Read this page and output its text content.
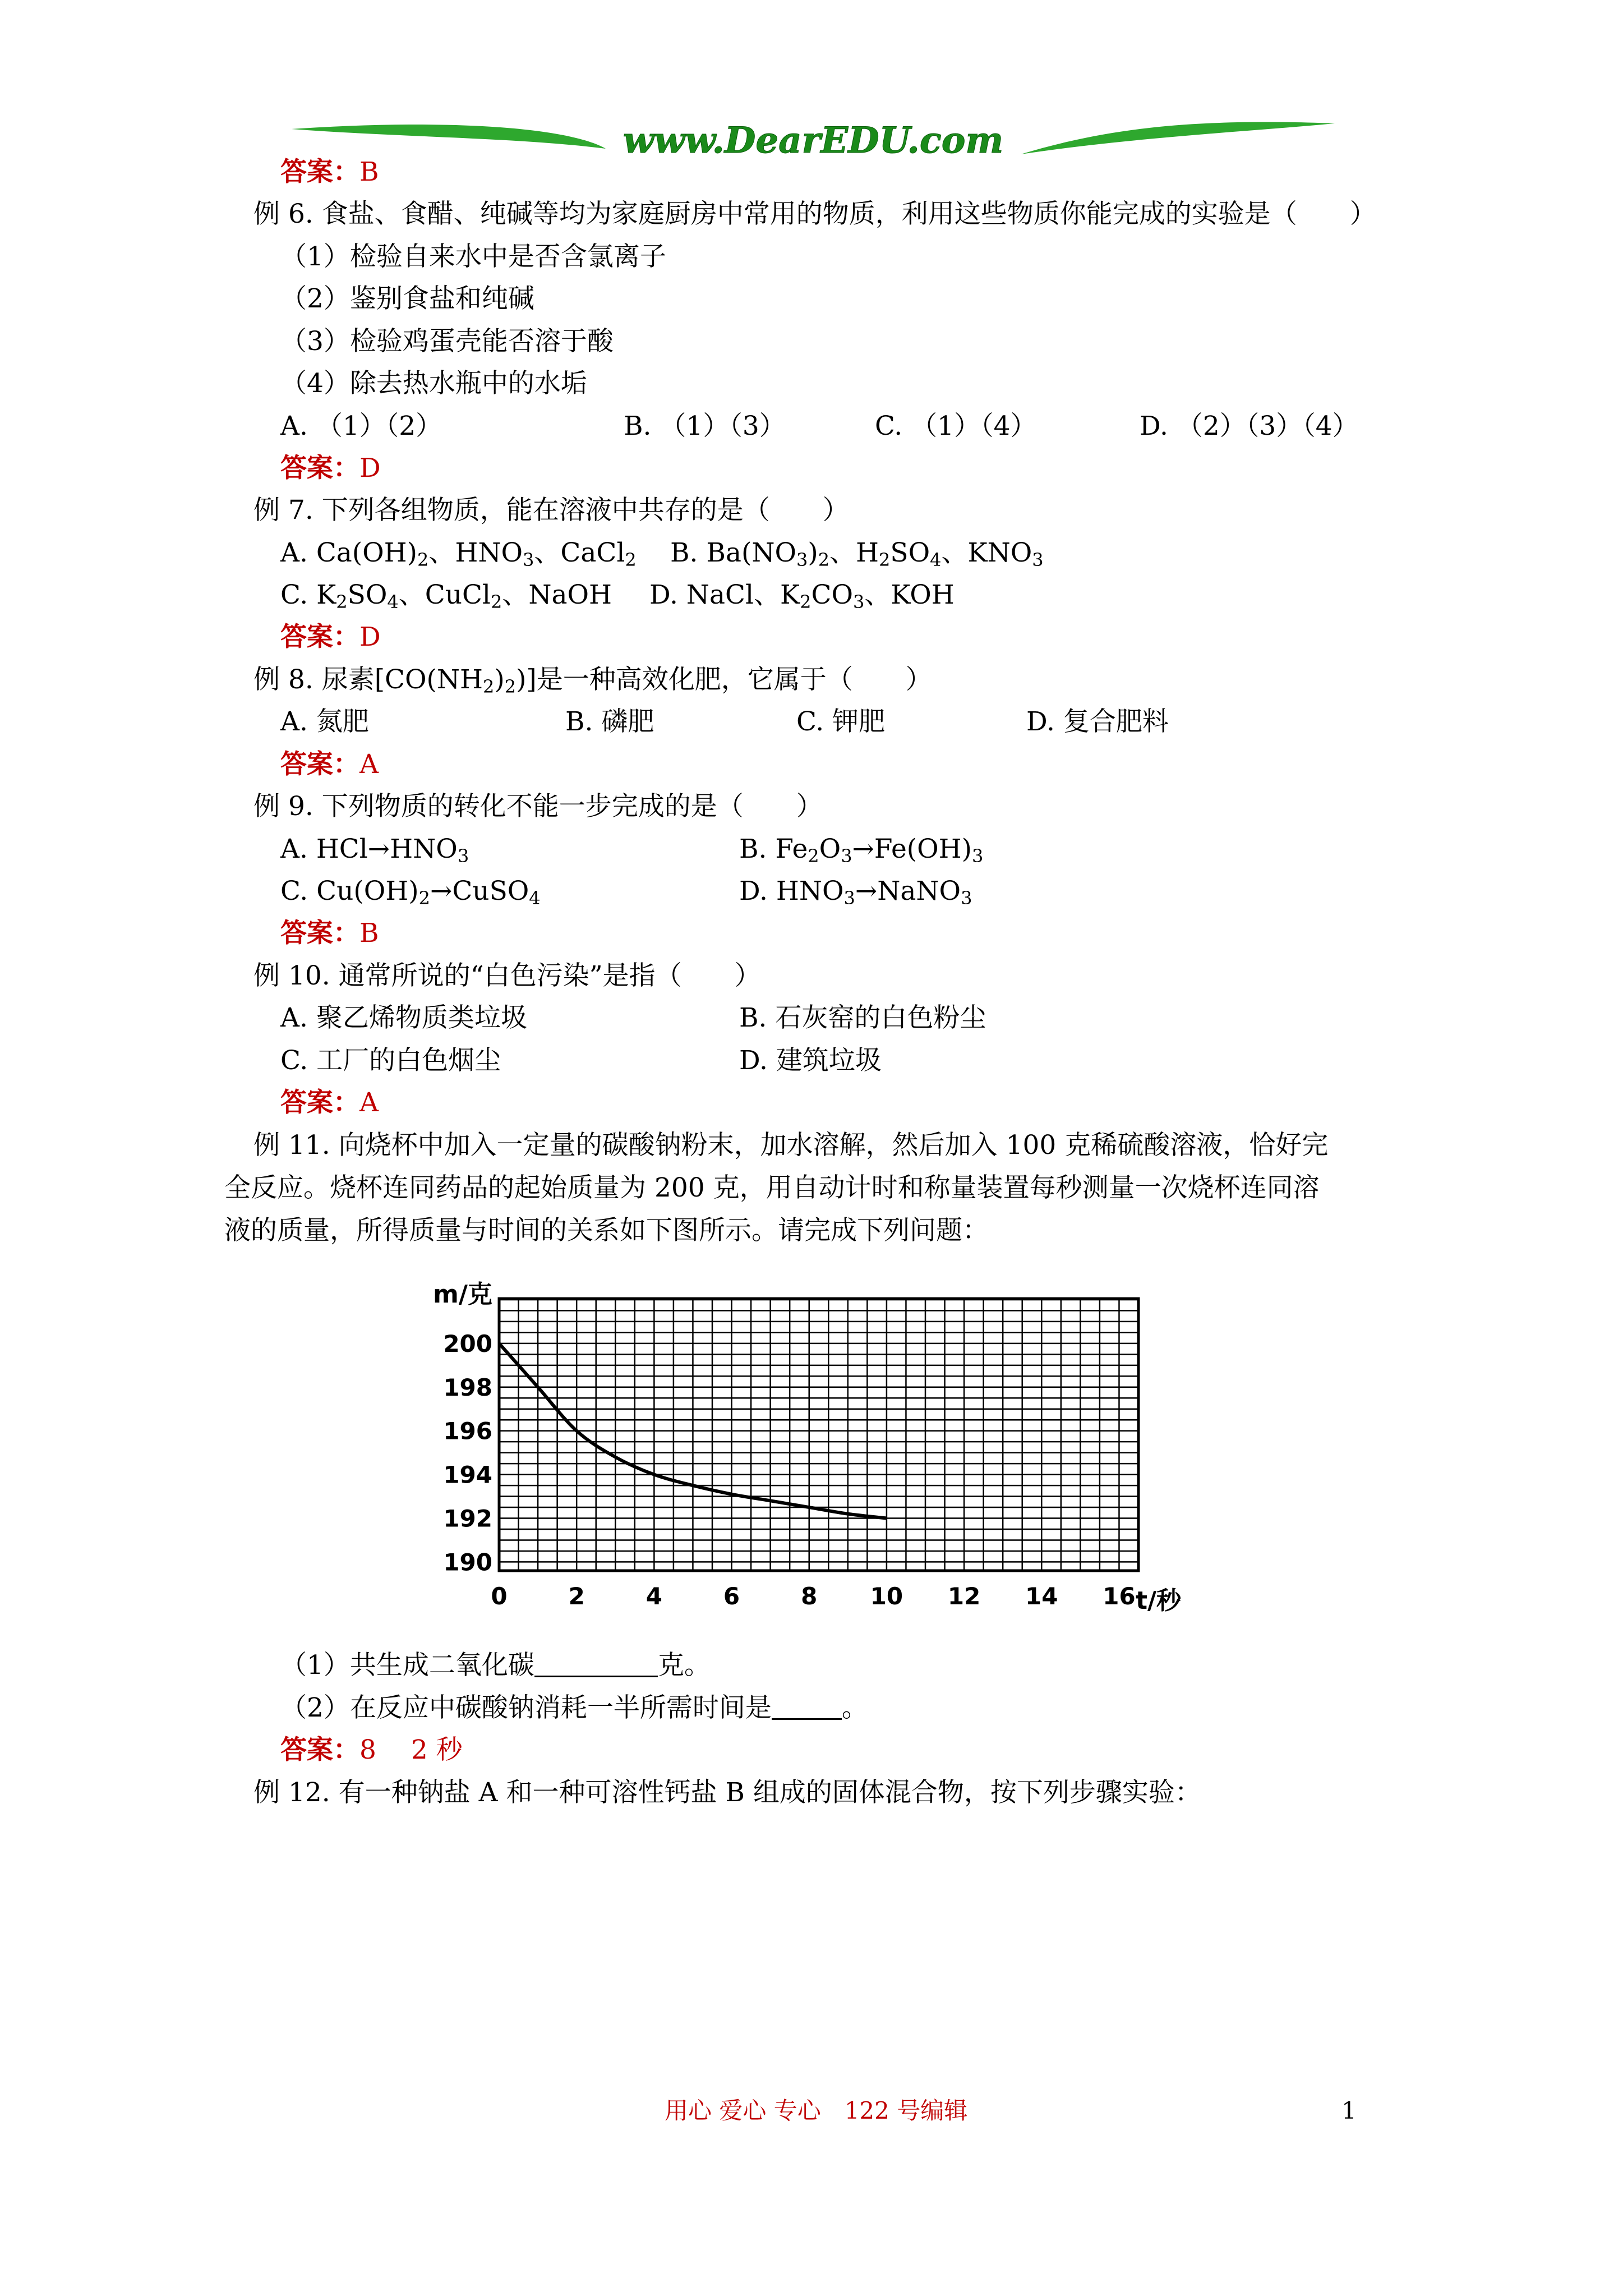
www.DearEDU.com
答案：B
例 6. 食盐、食醋、纯碱等均为家庭厨房中常用的物质，利用这些物质你能完成的实验是（　　）
（1）检验自来水中是否含氯离子
（2）鉴别食盐和纯碱
（3）检验鸡蛋壳能否溶于酸
（4）除去热水瓶中的水垢
A. （1）（2）	B. （1）（3）	C. （1）（4）	D. （2）（3）（4）
答案：D
例 7. 下列各组物质，能在溶液中共存的是（　　）
A. $Ca(OH)_2$、$HNO_3$、CaCl$_2$ B. $Ba(NO_3)_2$、$H_2SO_4$、$KNO_3$
C. $K_2SO_4$、CuCl$_2$、NaOH D. NaCl、$K_2CO_3$、KOH
答案：D
例 8. 尿素$[CO(NH_2)_2)$]是一种高效化肥，它属于（　　）
A. 氮肥	B. 磷肥	C. 钾肥	D. 复合肥料
答案：A
例 9. 下列物质的转化不能一步完成的是（　　）
A. $HCl\to HNO_3$	B. $Fe_2O_3\to Fe(OH)_3$
C. $Cu(OH)_2\to CuSO_4$	D. $HNO_3\to NaNO_3$
答案：B
例 10. 通常所说的“白色污染”是指（　　）
A. 聚乙烯物质类垃圾	B. 石灰窑的白色粉尘
C. 工厂的白色烟尘	D. 建筑垃圾
答案：A
例 11. 向烧杯中加入一定量的碳酸钠粉末，加水溶解，然后加入 100 克稀硫酸溶液，恰好完
全反应。烧杯连同药品的起始质量为 200 克，用自动计时和称量装置每秒测量一次烧杯连同溶
液的质量，所得质量与时间的关系如下图所示。请完成下列问题：
190
192
194
196
198
200
0	2	4	6	8 10 12 14 16
m/克
t/秒
（1）共生成二氧化碳	克。
（2）在反应中碳酸钠消耗一半所需时间是	。
答案：8　 2 秒
例 12. 有一种钠盐 A 和一种可溶性钙盐 B 组成的固体混合物，按下列步骤实验：
用心 爱心 专心　122 号编辑	1
